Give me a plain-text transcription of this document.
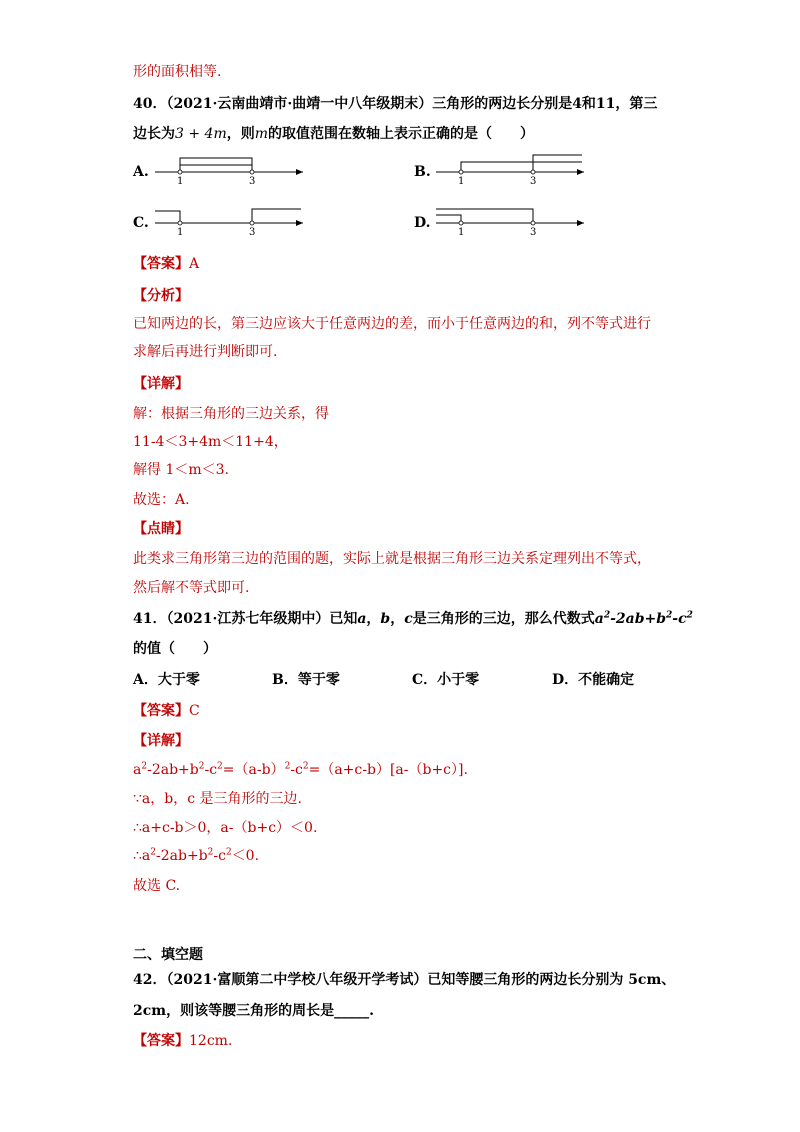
形的面积相等.
40．（2021·云南曲靖市·曲靖一中八年级期末）三角形的两边长分别是4和11，第三
边长为3 + 4m，则m的取值范围在数轴上表示正确的是（　　）
A.	B.
C.	D.
1	3	1	3
1	3	1	3
【答案】A
【分析】
已知两边的长，第三边应该大于任意两边的差，而小于任意两边的和，列不等式进行
求解后再进行判断即可.
【详解】
解：根据三角形的三边关系，得
11-4＜3+4m＜11+4，
解得 1＜m＜3.
故选：A.
【点睛】
此类求三角形第三边的范围的题，实际上就是根据三角形三边关系定理列出不等式，
然后解不等式即可.
41．（2021·江苏七年级期中）已知a，b，c是三角形的三边，那么代数式$a^2-2ab+b^2-c^2$
的值（　　）
A．大于零	B．等于零	C．小于零	D．不能确定
【答案】C
【详解】
$a^2-2ab+b^2-c^2=(a-b)^2-c^2=(a+c-b)[a-(b+c)]$.
∵a，b，c 是三角形的三边.
∴a+c-b＞0，a-（b+c）＜0.
$\therefore a^2-2ab+b^2-c^2<0$.
故选 C.
二、填空题
42．（2021·富顺第二中学校八年级开学考试）已知等腰三角形的两边长分别为 5cm、
2cm，则该等腰三角形的周长是_____.
【答案】12cm.
